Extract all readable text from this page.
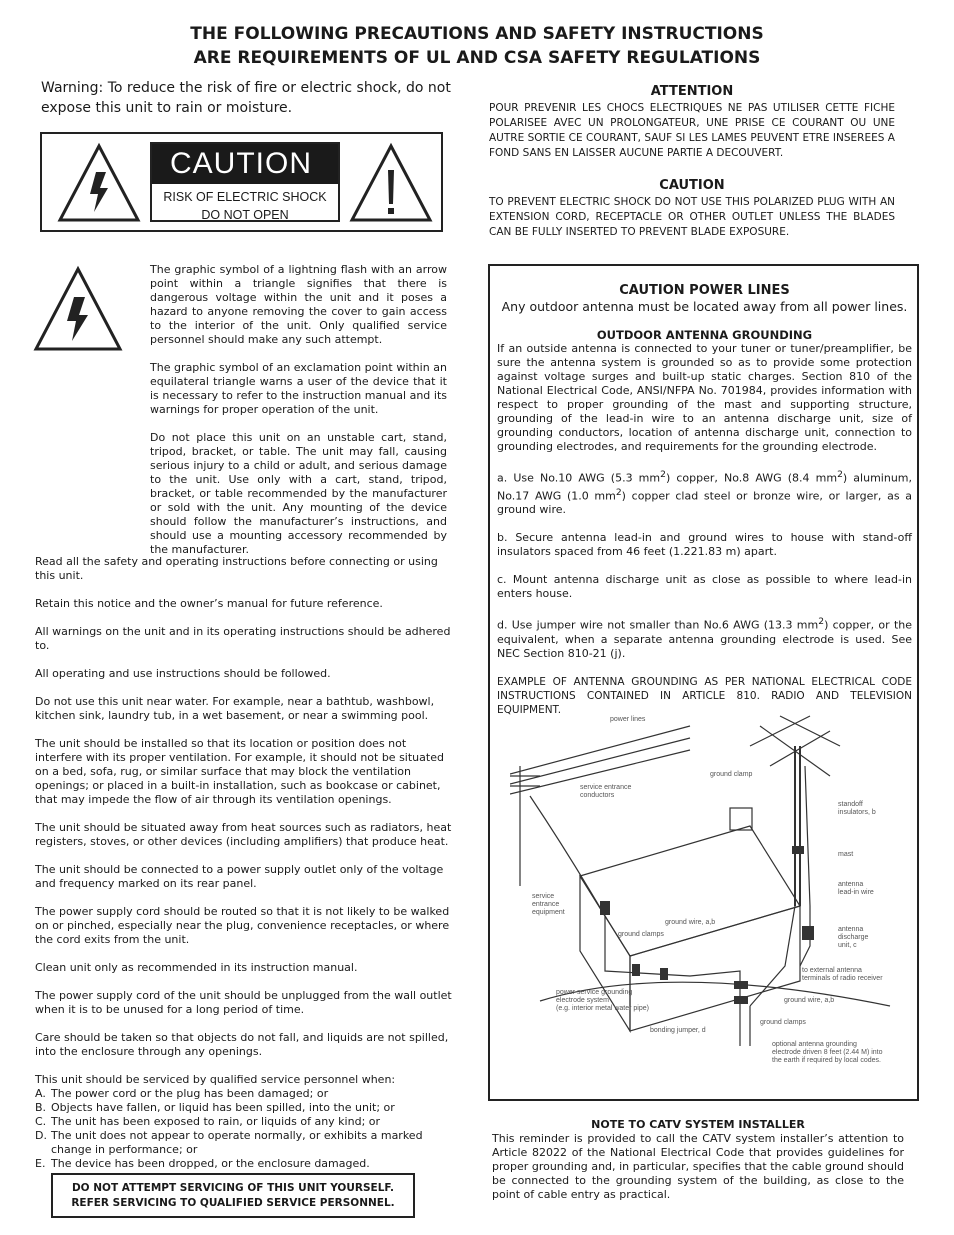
THE FOLLOWING PRECAUTIONS AND SAFETY INSTRUCTIONS
ARE REQUIREMENTS OF UL AND CSA SAFETY REGULATIONS
Warning: To reduce the risk of fire or electric shock, do not expose this unit to rain or moisture.
CAUTION
RISK OF ELECTRIC SHOCK
DO NOT OPEN
The graphic symbol of a lightning flash with an arrow point within a triangle signifies that there is dangerous voltage within the unit and it poses a hazard to anyone removing the cover to gain access to the interior of the unit. Only qualified service personnel should make any such attempt.
The graphic symbol of an exclamation point within an equilateral triangle warns a user of the device that it is necessary to refer to the instruction manual and its warnings for proper operation of the unit.
Do not place this unit on an unstable cart, stand, tripod, bracket, or table. The unit may fall, causing serious injury to a child or adult, and serious damage to the unit. Use only with a cart, stand, tripod, bracket, or table recommended by the manufacturer or sold with the unit. Any mounting of the device should follow the manufacturer’s instructions, and should use a mounting accessory recommended by the manufacturer.

Read all the safety and operating instructions before connecting or using this unit.

Retain this notice and the owner’s manual for future reference.

All warnings on the unit and in its operating instructions should be adhered to.

All operating and use instructions should be followed.

Do not use this unit near water. For example, near a bathtub, washbowl, kitchen sink, laundry tub, in a wet basement, or near a swimming pool.

The unit should be installed so that its location or position does not interfere with its proper ventilation. For example, it should not be situated on a bed, sofa, rug, or similar surface that may block the ventilation openings; or placed in a built-in installation, such as bookcase or cabinet, that may impede the flow of air through its ventilation openings.

The unit should be situated away from heat sources such as radiators, heat registers, stoves, or other devices (including amplifiers) that produce heat.

The unit should be connected to a power supply outlet only of the voltage and frequency marked on its rear panel.

The power supply cord should be routed so that it is not likely to be walked on or pinched, especially near the plug, convenience receptacles, or where the cord exits from the unit.

Clean unit only as recommended in its instruction manual.

The power supply cord of the unit should be unplugged from the wall outlet when it is to be unused for a long period of time.

Care should be taken so that objects do not fall, and liquids are not spilled, into the enclosure through any openings.

This unit should be serviced by qualified service personnel when:
A. The power cord or the plug has been damaged; or
B. Objects have fallen, or liquid has been spilled, into the unit; or
C. The unit has been exposed to rain, or liquids of any kind; or
D. The unit does not appear to operate normally, or exhibits a marked change in performance; or
E. The device has been dropped, or the enclosure damaged.
DO NOT ATTEMPT SERVICING OF THIS UNIT YOURSELF.
REFER SERVICING TO QUALIFIED SERVICE PERSONNEL.
ATTENTION
POUR PREVENIR LES CHOCS ELECTRIQUES NE PAS UTILISER CETTE FICHE POLARISEE AVEC UN PROLONGATEUR, UNE PRISE CE COURANT OU UNE AUTRE SORTIE CE COURANT, SAUF SI LES LAMES PEUVENT ETRE INSEREES A FOND SANS EN LAISSER AUCUNE PARTIE A DECOUVERT.
CAUTION
TO PREVENT ELECTRIC SHOCK DO NOT USE THIS POLARIZED PLUG WITH AN EXTENSION CORD, RECEPTACLE OR OTHER OUTLET UNLESS THE BLADES CAN BE FULLY INSERTED TO PREVENT BLADE EXPOSURE.
CAUTION POWER LINES
Any outdoor antenna must be located away from all power lines.
OUTDOOR ANTENNA GROUNDING

If an outside antenna is connected to your tuner or tuner/preamplifier, be sure the antenna system is grounded so as to provide some protection against voltage surges and built-up static charges. Section 810 of the National Electrical Code, ANSI/NFPA No. 701984, provides information with respect to proper grounding of the mast and supporting structure, grounding of the lead-in wire to an antenna discharge unit, size of grounding conductors, location of antenna discharge unit, connection to grounding electrodes, and requirements for the grounding electrode.

a. Use No.10 AWG (5.3 $mm^2$) copper, No.8 AWG (8.4 $mm^2$) aluminum, No.17 AWG (1.0 $mm^2$) copper clad steel or bronze wire, or larger, as a ground wire.

b. Secure antenna lead-in and ground wires to house with stand-off insulators spaced from 46 feet (1.221.83 m) apart.

c. Mount antenna discharge unit as close as possible to where lead-in enters house.

d. Use jumper wire not smaller than No.6 AWG (13.3 $mm^2$) copper, or the equivalent, when a separate antenna grounding electrode is used. See NEC Section 810-21 (j).

EXAMPLE OF ANTENNA GROUNDING AS PER NATIONAL ELECTRICAL CODE INSTRUCTIONS CONTAINED IN ARTICLE 810. RADIO AND TELEVISION EQUIPMENT.

power lines
ground clamp
service entrance
conductors
standoff
insulators, b
mast
antenna
lead-in wire
service
entrance
equipment
ground wire, a,b
ground clamps
antenna
discharge
unit, c
to external antenna
terminals of radio receiver
power service grounding
electrode system
(e.g. interior metal water pipe)
ground wire, a,b
bonding jumper, d
ground clamps
optional antenna grounding
electrode driven 8 feet (2.44 M) into
the earth if required by local codes.
NOTE TO CATV SYSTEM INSTALLER
This reminder is provided to call the CATV system installer’s attention to Article 82022 of the National Electrical Code that provides guidelines for proper grounding and, in particular, specifies that the cable ground should be connected to the grounding system of the building, as close to the point of cable entry as practical.
